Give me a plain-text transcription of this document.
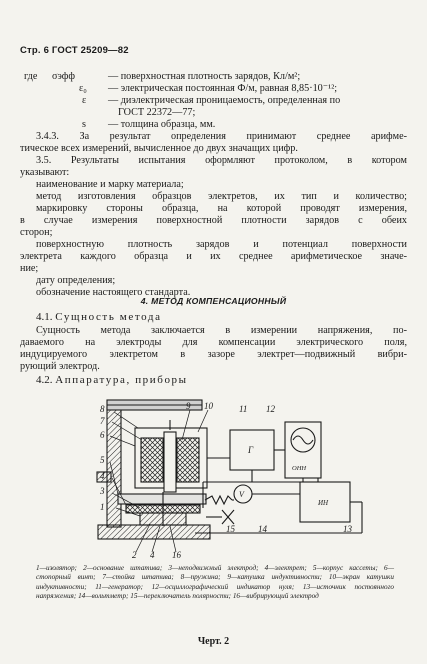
Стр. 6 ГОСТ 25209—82
где σэфф	— поверхностная плотность зарядов, Кл/м²;
ε₀ — электрическая постоянная Ф/м, равная 8,85·10⁻¹²;
ε — диэлектрическая проницаемость, определенная по
ГОСТ 22372—77;
s — толщина образца, мм.
3.4.3. За результат определения принимают среднее арифме-
тическое всех измерений, вычисленное до двух значащих цифр.
3.5. Результаты испытания оформляют протоколом, в котором
указывают:
наименование и марку материала;
метод изготовления образцов электретов, их тип и количество;
маркировку стороны образца, на которой проводят измерения,
в случае измерения поверхностной плотности зарядов с обеих
сторон;
поверхностную плотность зарядов и потенциал поверхности
электрета каждого образца и их среднее арифметическое значе-
ние;
дату определения;
обозначение настоящего стандарта.
4. МЕТОД КОМПЕНСАЦИОННЫЙ
4.1. Сущность метода
Сущность метода заключается в измерении напряжения, по-
даваемого на электроды для компенсации электрического поля,
индуцируемого электретом в зазоре электрет—подвижный вибри-
рующий электрод.
4.2. Аппаратура, приборы
8
7
6
5
4
3
1
9 10	11 12
13
14
15
2 4 16
Г
ОНН
ИН
V
1—изолятор; 2—основание штатива; 3—неподвижный электрод; 4—электрет; 5—корпус кассеты; 6—стопорный винт; 7—стойка штатива; 8—пружина; 9—катушка индуктивности; 10—экран катушки индуктивности; 11—генератор; 12—осциллографический индикатор нуля; 13—источник постоянного напряжения; 14—вольтметр; 15—переключатель полярности; 16—вибрирующий электрод
Черт. 2
